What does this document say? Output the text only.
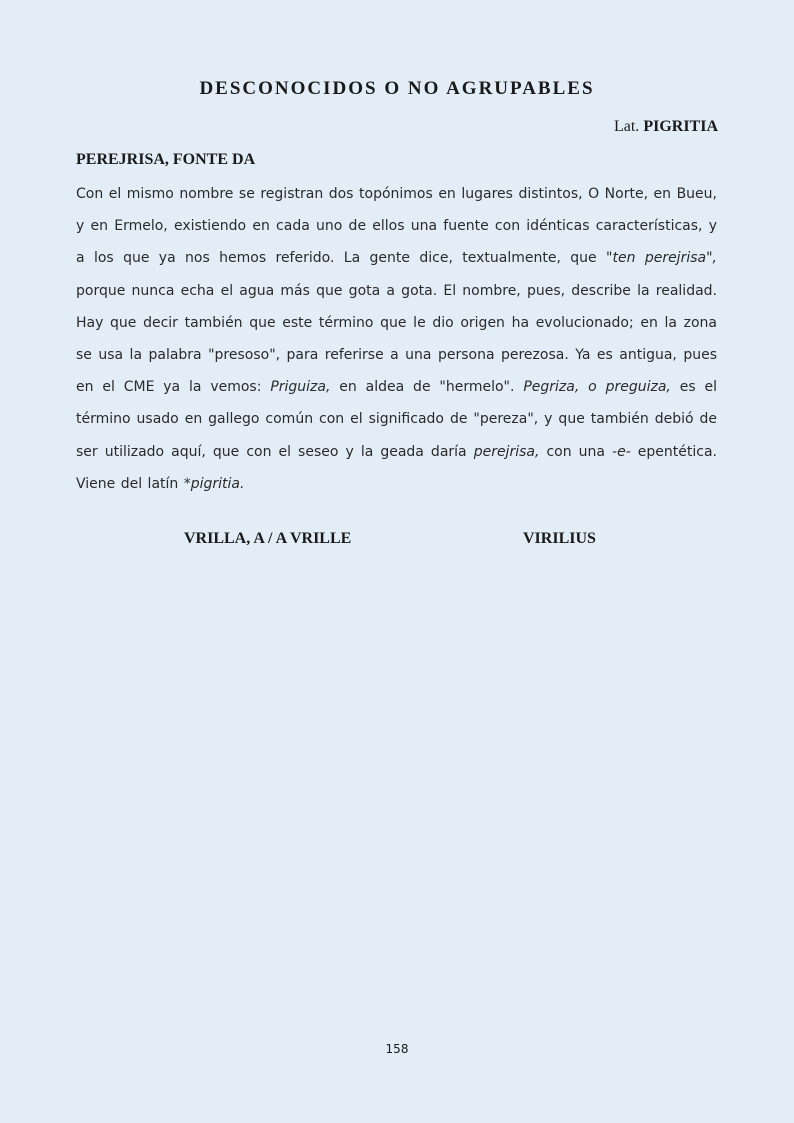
DESCONOCIDOS O NO AGRUPABLES
Lat. PIGRITIA
PEREJRISA, FONTE DA
Con el mismo nombre se registran dos topónimos en lugares distintos, O Norte, en Bueu, y en Ermelo, existiendo en cada uno de ellos una fuente con idénticas características, y a los que ya nos hemos referido. La gente dice, textualmente, que "ten perejrisa", porque nunca echa el agua más que gota a gota. El nombre, pues, describe la realidad. Hay que decir también que este término que le dio origen ha evolucionado; en la zona se usa la palabra "presoso", para referirse a una persona perezosa. Ya es antigua, pues en el CME ya la vemos: Priguiza, en aldea de "hermelo". Pegriza, o preguiza, es el término usado en gallego común con el significado de "pereza", y que también debió de ser utilizado aquí, que con el seseo y la geada daría perejrisa, con una -e- epentética. Viene del latín *pigritia.
VRILLA, A / A VRILLE	VIRILIUS
158
